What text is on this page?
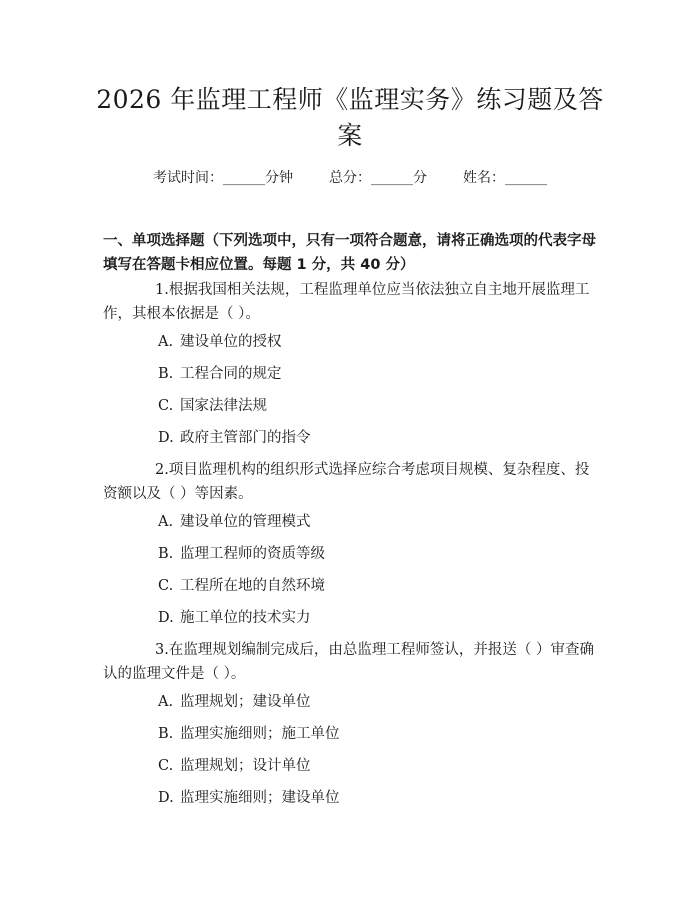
2026 年监理工程师《监理实务》练习题及答案
考试时间：______分钟	总分：______分	姓名：______

一、单项选择题（下列选项中，只有一项符合题意，请将正确选项的代表字母填写在答题卡相应位置。每题 1 分，共 40 分）

1.根据我国相关法规，工程监理单位应当依法独立自主地开展监理工作，其根本依据是（ ）。

A. 建设单位的授权

B. 工程合同的规定

C. 国家法律法规

D. 政府主管部门的指令

2.项目监理机构的组织形式选择应综合考虑项目规模、复杂程度、投资额以及（ ）等因素。

A. 建设单位的管理模式

B. 监理工程师的资质等级

C. 工程所在地的自然环境

D. 施工单位的技术实力

3.在监理规划编制完成后，由总监理工程师签认，并报送（ ）审查确认的监理文件是（ ）。

A. 监理规划；建设单位

B. 监理实施细则；施工单位

C. 监理规划；设计单位

D. 监理实施细则；建设单位
